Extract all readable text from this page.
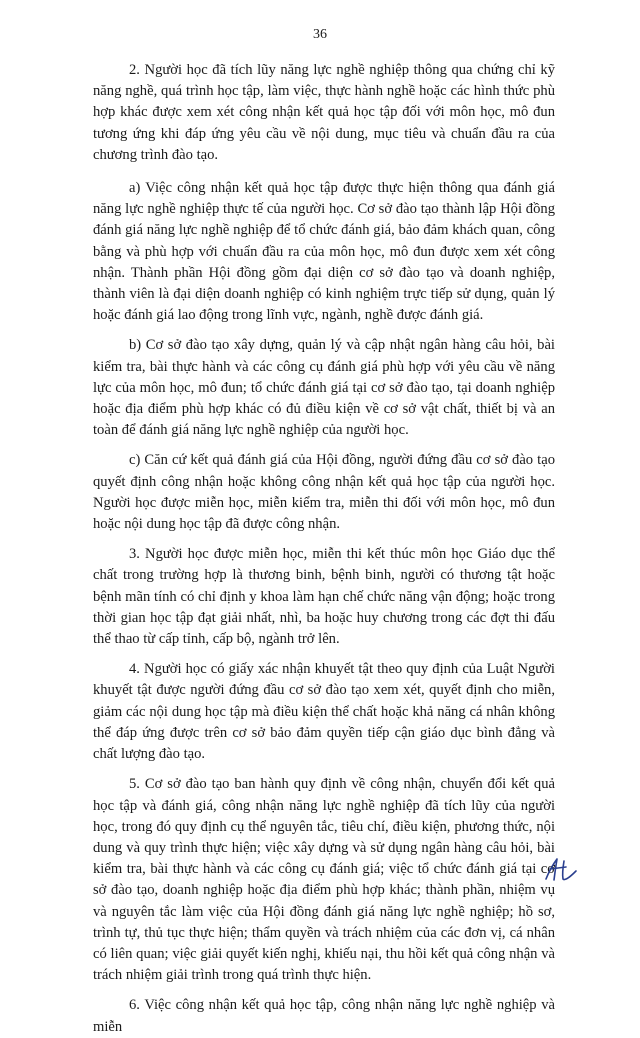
36

2. Người học đã tích lũy năng lực nghề nghiệp thông qua chứng chỉ kỹ năng nghề, quá trình học tập, làm việc, thực hành nghề hoặc các hình thức phù hợp khác được xem xét công nhận kết quả học tập đối với môn học, mô đun tương ứng khi đáp ứng yêu cầu về nội dung, mục tiêu và chuẩn đầu ra của chương trình đào tạo.

a) Việc công nhận kết quả học tập được thực hiện thông qua đánh giá năng lực nghề nghiệp thực tế của người học. Cơ sở đào tạo thành lập Hội đồng đánh giá năng lực nghề nghiệp để tổ chức đánh giá, bảo đảm khách quan, công bằng và phù hợp với chuẩn đầu ra của môn học, mô đun được xem xét công nhận. Thành phần Hội đồng gồm đại diện cơ sở đào tạo và doanh nghiệp, thành viên là đại diện doanh nghiệp có kinh nghiệm trực tiếp sử dụng, quản lý hoặc đánh giá lao động trong lĩnh vực, ngành, nghề được đánh giá.

b) Cơ sở đào tạo xây dựng, quản lý và cập nhật ngân hàng câu hỏi, bài kiểm tra, bài thực hành và các công cụ đánh giá phù hợp với yêu cầu về năng lực của môn học, mô đun; tổ chức đánh giá tại cơ sở đào tạo, tại doanh nghiệp hoặc địa điểm phù hợp khác có đủ điều kiện về cơ sở vật chất, thiết bị và an toàn để đánh giá năng lực nghề nghiệp của người học.

c) Căn cứ kết quả đánh giá của Hội đồng, người đứng đầu cơ sở đào tạo quyết định công nhận hoặc không công nhận kết quả học tập của người học. Người học được miễn học, miễn kiểm tra, miễn thi đối với môn học, mô đun hoặc nội dung học tập đã được công nhận.

3. Người học được miễn học, miễn thi kết thúc môn học Giáo dục thể chất trong trường hợp là thương binh, bệnh binh, người có thương tật hoặc bệnh mãn tính có chỉ định y khoa làm hạn chế chức năng vận động; hoặc trong thời gian học tập đạt giải nhất, nhì, ba hoặc huy chương trong các đợt thi đấu thể thao từ cấp tỉnh, cấp bộ, ngành trở lên.

4. Người học có giấy xác nhận khuyết tật theo quy định của Luật Người khuyết tật được người đứng đầu cơ sở đào tạo xem xét, quyết định cho miễn, giảm các nội dung học tập mà điều kiện thể chất hoặc khả năng cá nhân không thể đáp ứng được trên cơ sở bảo đảm quyền tiếp cận giáo dục bình đẳng và chất lượng đào tạo.

5. Cơ sở đào tạo ban hành quy định về công nhận, chuyển đổi kết quả học tập và đánh giá, công nhận năng lực nghề nghiệp đã tích lũy của người học, trong đó quy định cụ thể nguyên tắc, tiêu chí, điều kiện, phương thức, nội dung và quy trình thực hiện; việc xây dựng và sử dụng ngân hàng câu hỏi, bài kiểm tra, bài thực hành và các công cụ đánh giá; việc tổ chức đánh giá tại cơ sở đào tạo, doanh nghiệp hoặc địa điểm phù hợp khác; thành phần, nhiệm vụ và nguyên tắc làm việc của Hội đồng đánh giá năng lực nghề nghiệp; hồ sơ, trình tự, thủ tục thực hiện; thẩm quyền và trách nhiệm của các đơn vị, cá nhân có liên quan; việc giải quyết kiến nghị, khiếu nại, thu hồi kết quả công nhận và trách nhiệm giải trình trong quá trình thực hiện.

6. Việc công nhận kết quả học tập, công nhận năng lực nghề nghiệp và miễn
